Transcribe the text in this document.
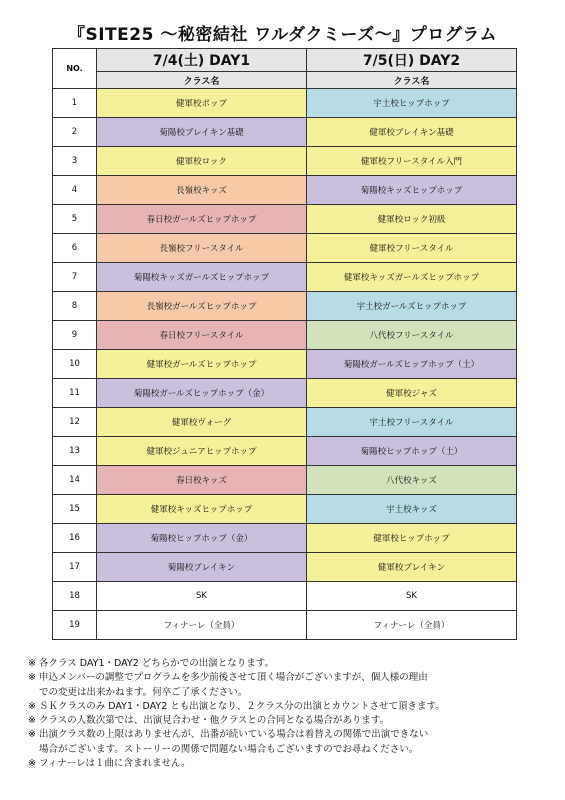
『SITE25 ～秘密結社 ワルダクミーズ～』プログラム
NO.	7/4(土) DAY1	7/5(日) DAY2
	クラス名	クラス名
1	健軍校ポップ	宇土校ヒップホップ
2	菊陽校ブレイキン基礎	健軍校ブレイキン基礎
3	健軍校ロック	健軍校フリースタイル入門
4	長嶺校キッズ	菊陽校キッズヒップホップ
5	春日校ガールズヒップホップ	健軍校ロック初級
6	長嶺校フリースタイル	健軍校フリースタイル
7	菊陽校キッズガールズヒップホップ	健軍校キッズガールズヒップホップ
8	長嶺校ガールズヒップホップ	宇土校ガールズヒップホップ
9	春日校フリースタイル	八代校フリースタイル
10	健軍校ガールズヒップホップ	菊陽校ガールズヒップホップ（土）
11	菊陽校ガールズヒップホップ（金）	健軍校ジャズ
12	健軍校ヴォーグ	宇土校フリースタイル
13	健軍校ジュニアヒップホップ	菊陽校ヒップホップ（土）
14	春日校キッズ	八代校キッズ
15	健軍校キッズヒップホップ	宇土校キッズ
16	菊陽校ヒップホップ（金）	健軍校ヒップホップ
17	菊陽校ブレイキン	健軍校ブレイキン
18	SK	SK
19	フィナーレ（全員）	フィナーレ（全員）
※ 各クラス DAY1・DAY2 どちらかでの出演となります。
※ 申込メンバーの調整でプログラムを多少前後させて頂く場合がございますが、個人様の理由
での変更は出来かねます。何卒ご了承ください。
※ ＳＫクラスのみ DAY1・DAY2 とも出演となり、２クラス分の出演とカウントさせて頂きます。
※ クラスの人数次第では、出演見合わせ・他クラスとの合同となる場合があります。
※ 出演クラス数の上限はありませんが、出番が続いている場合は着替えの関係で出演できない
場合がございます。ストーリーの関係で問題ない場合もございますのでお尋ねください。
※ フィナーレは１曲に含まれません。
